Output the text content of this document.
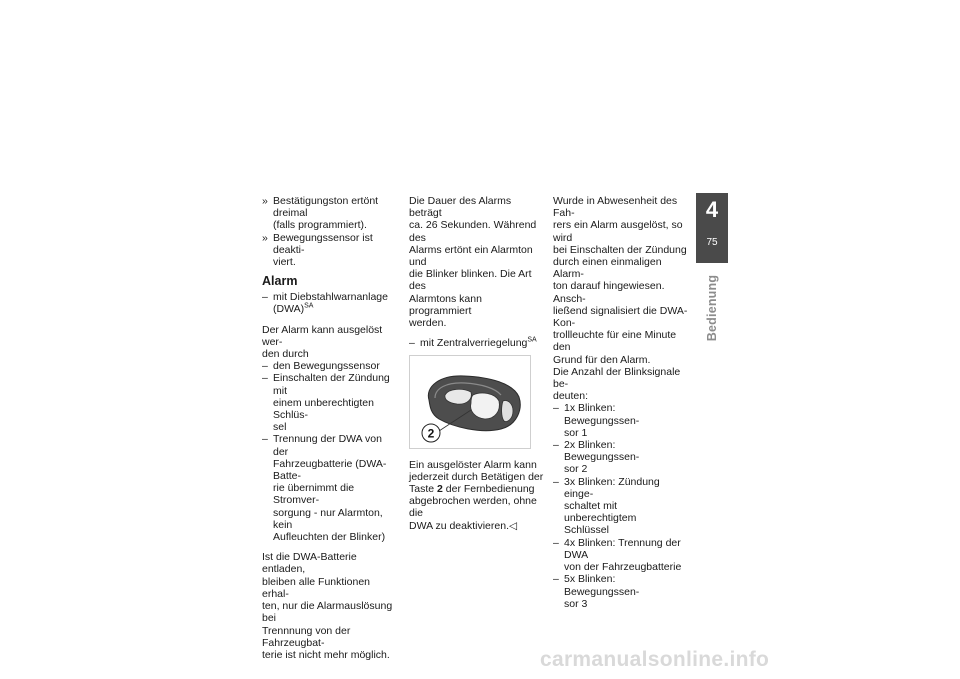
» Bestätigungston ertönt dreimal
(falls programmiert).
» Bewegungssensor ist deakti-
viert.
Alarm
– mit Diebstahlwarnanlage
(DWA)$^{SA}$
Der Alarm kann ausgelöst wer-
den durch
– den Bewegungssensor
– Einschalten der Zündung mit
einem unberechtigten Schlüs-
sel
– Trennung der DWA von der
Fahrzeugbatterie (DWA-Batte-
rie übernimmt die Stromver-
sorgung - nur Alarmton, kein
Aufleuchten der Blinker)
Ist die DWA-Batterie entladen,
bleiben alle Funktionen erhal-
ten, nur die Alarmauslösung bei
Trennnung von der Fahrzeugbat-
terie ist nicht mehr möglich.
Die Dauer des Alarms beträgt
ca. 26 Sekunden. Während des
Alarms ertönt ein Alarmton und
die Blinker blinken. Die Art des
Alarmtons kann programmiert
werden.
– mit Zentralverriegelung$^{SA}$
2
Ein ausgelöster Alarm kann
jederzeit durch Betätigen der
Taste 2 der Fernbedienung
abgebrochen werden, ohne die
DWA zu deaktivieren.◁
Wurde in Abwesenheit des Fah-
rers ein Alarm ausgelöst, so wird
bei Einschalten der Zündung
durch einen einmaligen Alarm-
ton darauf hingewiesen. Ansch-
ließend signalisiert die DWA-Kon-
trollleuchte für eine Minute den
Grund für den Alarm.
Die Anzahl der Blinksignale be-
deuten:
– 1x Blinken: Bewegungssen-
sor 1
– 2x Blinken: Bewegungssen-
sor 2
– 3x Blinken: Zündung einge-
schaltet mit unberechtigtem
Schlüssel
– 4x Blinken: Trennung der DWA
von der Fahrzeugbatterie
– 5x Blinken: Bewegungssen-
sor 3
4
75
Bedienung
carmanualsonline.info
